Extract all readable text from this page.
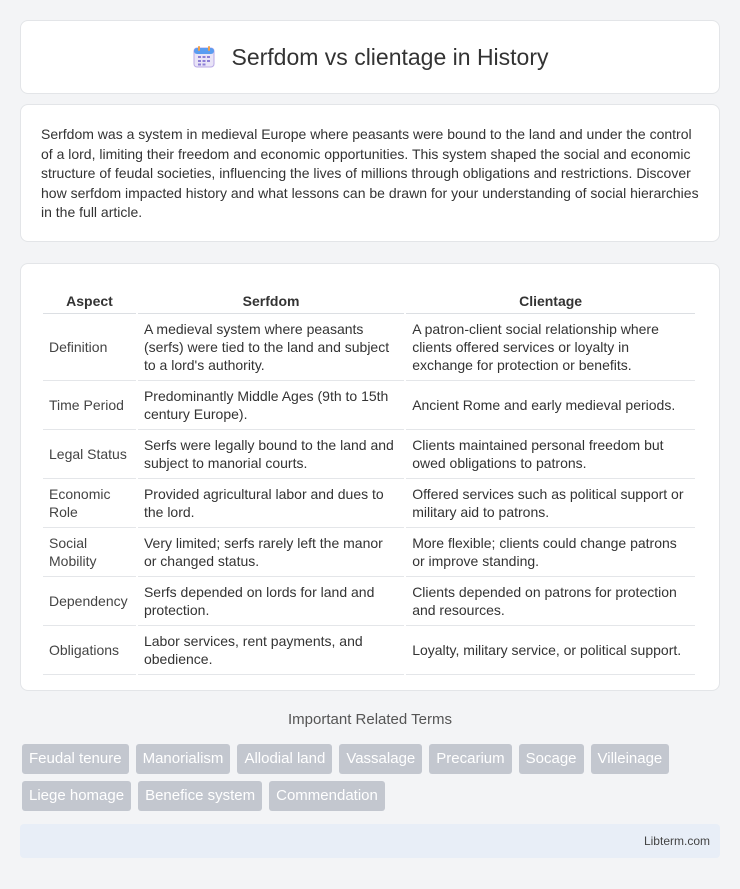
Serfdom vs clientage in History

Serfdom was a system in medieval Europe where peasants were bound to the land and under the control of a lord, limiting their freedom and economic opportunities. This system shaped the social and economic structure of feudal societies, influencing the lives of millions through obligations and restrictions. Discover how serfdom impacted history and what lessons can be drawn for your understanding of social hierarchies in the full article.

Aspect	Serfdom	Clientage
Definition	A medieval system where peasants (serfs) were tied to the land and subject to a lord's authority.	A patron-client social relationship where clients offered services or loyalty in exchange for protection or benefits.
Time Period	Predominantly Middle Ages (9th to 15th century Europe).	Ancient Rome and early medieval periods.
Legal Status	Serfs were legally bound to the land and subject to manorial courts.	Clients maintained personal freedom but owed obligations to patrons.
Economic Role	Provided agricultural labor and dues to the lord.	Offered services such as political support or military aid to patrons.
Social Mobility	Very limited; serfs rarely left the manor or changed status.	More flexible; clients could change patrons or improve standing.
Dependency	Serfs depended on lords for land and protection.	Clients depended on patrons for protection and resources.
Obligations	Labor services, rent payments, and obedience.	Loyalty, military service, or political support.
Important Related Terms
Feudal tenure	Manorialism	Allodial land	Vassalage	Precarium	Socage	Villeinage
Liege homage	Benefice system	Commendation
Libterm.com
